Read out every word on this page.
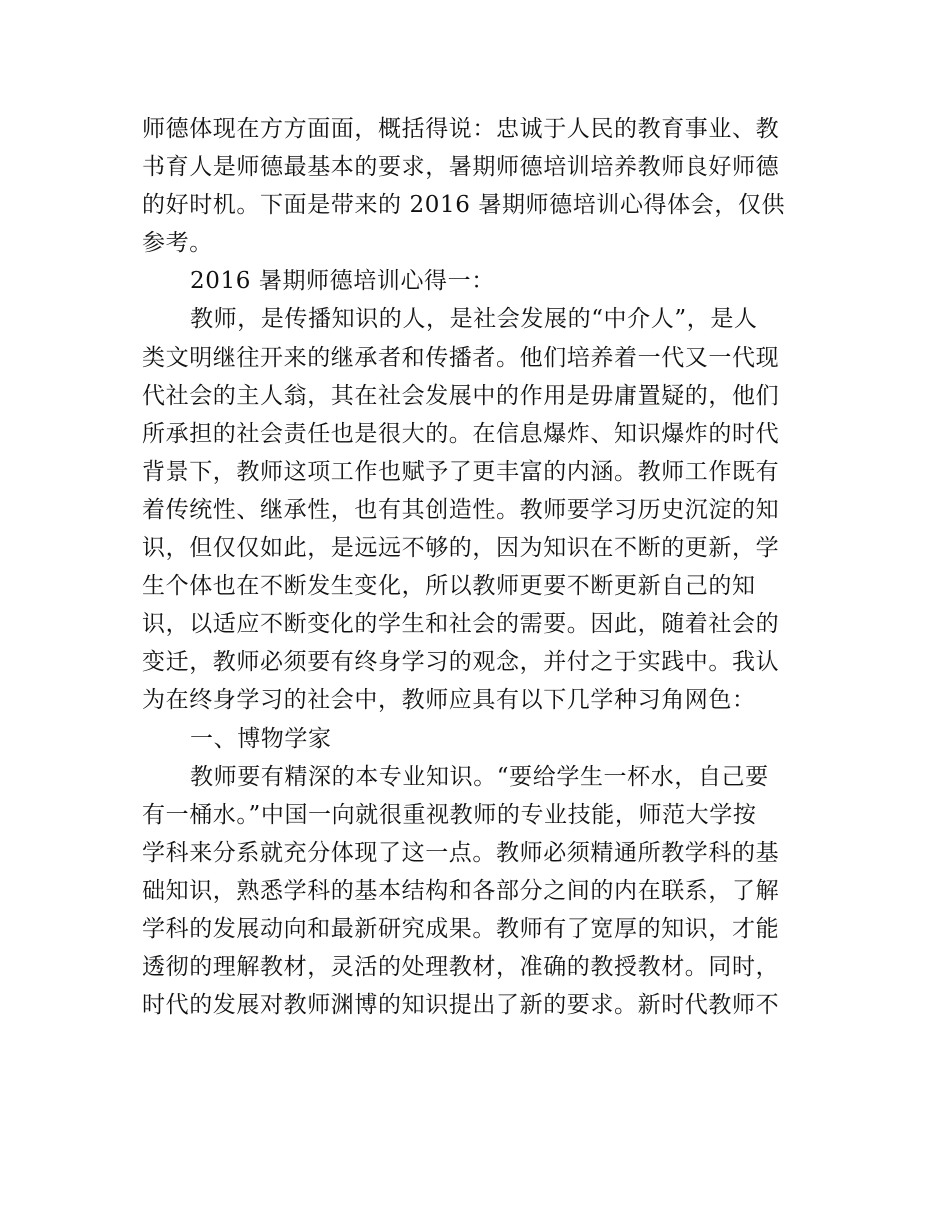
师德体现在方方面面，概括得说：忠诚于人民的教育事业、教
书育人是师德最基本的要求，暑期师德培训培养教师良好师德
的好时机。下面是带来的 2016 暑期师德培训心得体会，仅供
参考。
2016 暑期师德培训心得一：
教师，是传播知识的人，是社会发展的“中介人”，是人
类文明继往开来的继承者和传播者。他们培养着一代又一代现
代社会的主人翁，其在社会发展中的作用是毋庸置疑的，他们
所承担的社会责任也是很大的。在信息爆炸、知识爆炸的时代
背景下，教师这项工作也赋予了更丰富的内涵。教师工作既有
着传统性、继承性，也有其创造性。教师要学习历史沉淀的知
识，但仅仅如此，是远远不够的，因为知识在不断的更新，学
生个体也在不断发生变化，所以教师更要不断更新自己的知
识，以适应不断变化的学生和社会的需要。因此，随着社会的
变迁，教师必须要有终身学习的观念，并付之于实践中。我认
为在终身学习的社会中，教师应具有以下几学种习角网色：
一、博物学家
教师要有精深的本专业知识。“要给学生一杯水，自己要
有一桶水。”中国一向就很重视教师的专业技能，师范大学按
学科来分系就充分体现了这一点。教师必须精通所教学科的基
础知识，熟悉学科的基本结构和各部分之间的内在联系，了解
学科的发展动向和最新研究成果。教师有了宽厚的知识，才能
透彻的理解教材，灵活的处理教材，准确的教授教材。同时，
时代的发展对教师渊博的知识提出了新的要求。新时代教师不
